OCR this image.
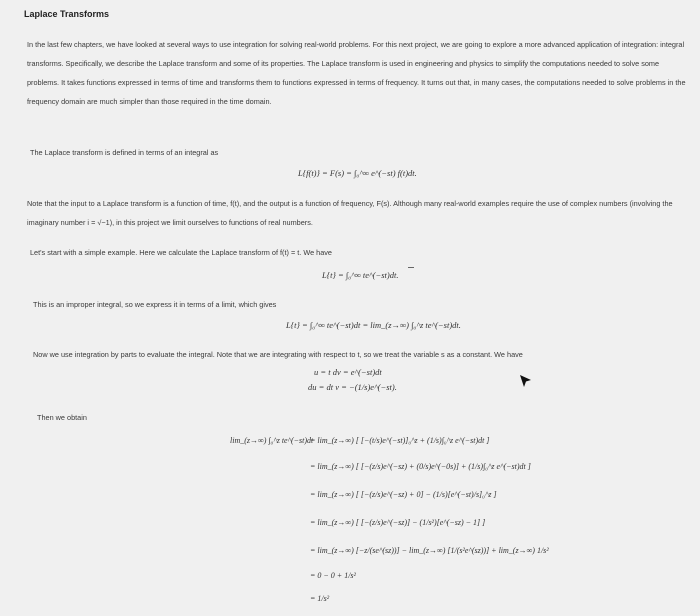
Laplace Transforms
In the last few chapters, we have looked at several ways to use integration for solving real-world problems. For this next project, we are going to explore a more advanced application of integration: integral transforms. Specifically, we describe the Laplace transform and some of its properties. The Laplace transform is used in engineering and physics to simplify the computations needed to solve some problems. It takes functions expressed in terms of time and transforms them to functions expressed in terms of frequency. It turns out that, in many cases, the computations needed to solve problems in the frequency domain are much simpler than those required in the time domain.
The Laplace transform is defined in terms of an integral as
L{f(t)} = F(s) = ∫₀^∞ e^(−st) f(t)dt.
Note that the input to a Laplace transform is a function of time, f(t), and the output is a function of frequency, F(s). Although many real-world examples require the use of complex numbers (involving the imaginary number i = √−1), in this project we limit ourselves to functions of real numbers.
Let's start with a simple example. Here we calculate the Laplace transform of f(t) = t. We have
L{t} = ∫₀^∞ te^(−st)dt.
This is an improper integral, so we express it in terms of a limit, which gives
L{t} = ∫₀^∞ te^(−st)dt = lim_(z→∞) ∫₀^z te^(−st)dt.
Now we use integration by parts to evaluate the integral. Note that we are integrating with respect to t, so we treat the variable s as a constant. We have
u = t dv = e^(−st)dt
du = dt v = −(1/s)e^(−st).
Then we obtain
lim_(z→∞) ∫₀^z te^(−st)dt
= lim_(z→∞) [ [−(t/s)e^(−st)]₀^z + (1/s)∫₀^z e^(−st)dt ]
= lim_(z→∞) [ [−(z/s)e^(−sz) + (0/s)e^(−0s)] + (1/s)∫₀^z e^(−st)dt ]
= lim_(z→∞) [ [−(z/s)e^(−sz) + 0] − (1/s)[e^(−st)/s]₀^z ]
= lim_(z→∞) [ [−(z/s)e^(−sz)] − (1/s²)[e^(−sz) − 1] ]
= lim_(z→∞) [−z/(se^(sz))] − lim_(z→∞) [1/(s²e^(sz))] + lim_(z→∞) 1/s²
= 0 − 0 + 1/s²
= 1/s²
